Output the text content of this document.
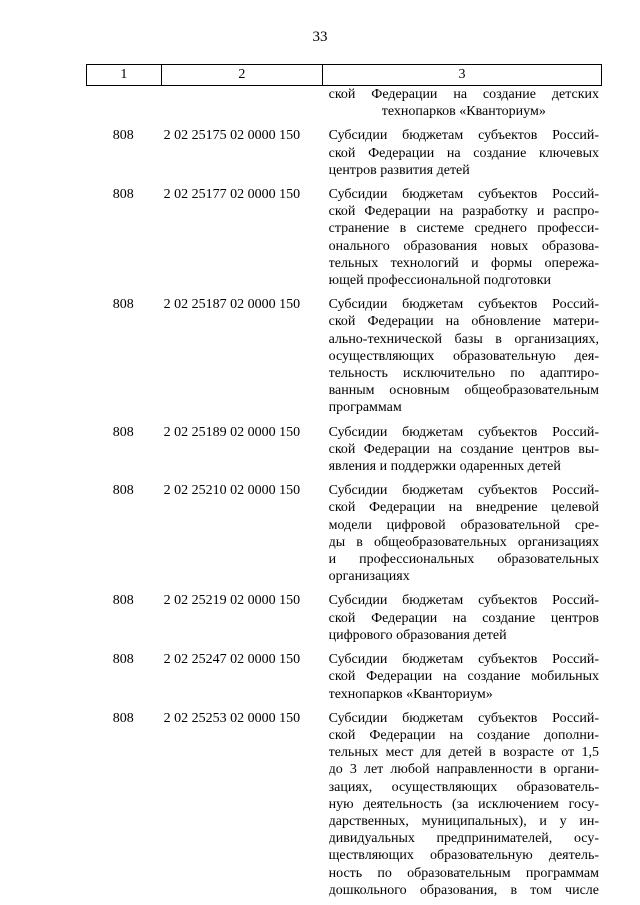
33
1	2	3
ской Федерации на создание детских
технопарков «Кванториум»
808	2 02 25175 02 0000 150	Субсидии бюджетам субъектов Россий-
ской Федерации на создание ключевых
центров развития детей
808	2 02 25177 02 0000 150	Субсидии бюджетам субъектов Россий-
ской Федерации на разработку и распро-
странение в системе среднего професси-
онального образования новых образова-
тельных технологий и формы опережа-
ющей профессиональной подготовки
808	2 02 25187 02 0000 150	Субсидии бюджетам субъектов Россий-
ской Федерации на обновление матери-
ально-технической базы в организациях,
осуществляющих образовательную дея-
тельность исключительно по адаптиро-
ванным основным общеобразовательным
программам
808	2 02 25189 02 0000 150	Субсидии бюджетам субъектов Россий-
ской Федерации на создание центров вы-
явления и поддержки одаренных детей
808	2 02 25210 02 0000 150	Субсидии бюджетам субъектов Россий-
ской Федерации на внедрение целевой
модели цифровой образовательной сре-
ды в общеобразовательных организациях
и профессиональных образовательных
организациях
808	2 02 25219 02 0000 150	Субсидии бюджетам субъектов Россий-
ской Федерации на создание центров
цифрового образования детей
808	2 02 25247 02 0000 150	Субсидии бюджетам субъектов Россий-
ской Федерации на создание мобильных
технопарков «Кванториум»
808	2 02 25253 02 0000 150	Субсидии бюджетам субъектов Россий-
ской Федерации на создание дополни-
тельных мест для детей в возрасте от 1,5
до 3 лет любой направленности в органи-
зациях, осуществляющих образователь-
ную деятельность (за исключением госу-
дарственных, муниципальных), и у ин-
дивидуальных предпринимателей, осу-
ществляющих образовательную деятель-
ность по образовательным программам
дошкольного образования, в том числе
